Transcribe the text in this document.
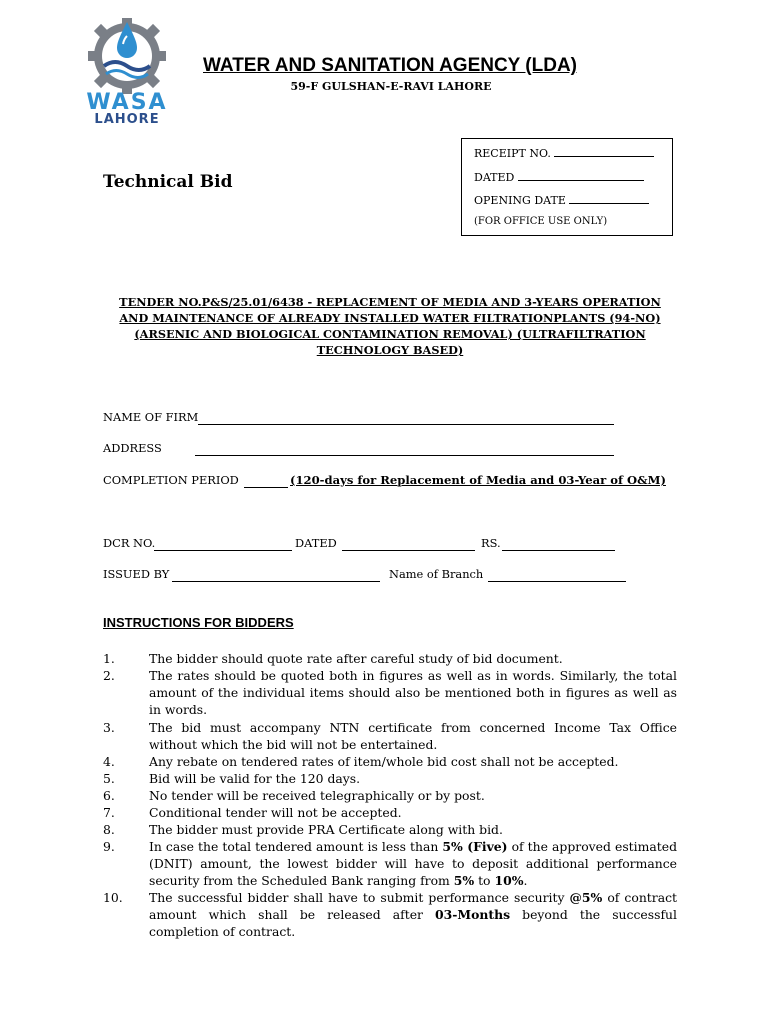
WASA
LAHORE
WATER AND SANITATION AGENCY (LDA)
59-F GULSHAN-E-RAVI LAHORE
Technical Bid
RECEIPT NO.
DATED
OPENING DATE
(FOR OFFICE USE ONLY)
TENDER NO.P&S/25.01/6438 - REPLACEMENT OF MEDIA AND 3-YEARS OPERATION
AND MAINTENANCE OF ALREADY INSTALLED WATER FILTRATIONPLANTS (94-NO)
(ARSENIC AND BIOLOGICAL CONTAMINATION REMOVAL) (ULTRAFILTRATION
TECHNOLOGY BASED)
NAME OF FIRM
ADDRESS
COMPLETION PERIOD	(120-days for Replacement of Media and 03-Year of O&M)
DCR NO.	DATED	RS.
ISSUED BY	Name of Branch
INSTRUCTIONS FOR BIDDERS
1.	The bidder should quote rate after careful study of bid document.
2.	The rates should be quoted both in figures as well as in words. Similarly, the total amount of the individual items should also be mentioned both in figures as well as in words.
3.	The bid must accompany NTN certificate from concerned Income Tax Office without which the bid will not be entertained.
4.	Any rebate on tendered rates of item/whole bid cost shall not be accepted.
5.	Bid will be valid for the 120 days.
6.	No tender will be received telegraphically or by post.
7.	Conditional tender will not be accepted.
8.	The bidder must provide PRA Certificate along with bid.
9.	In case the total tendered amount is less than 5% (Five) of the approved estimated (DNIT) amount, the lowest bidder will have to deposit additional performance security from the Scheduled Bank ranging from 5% to 10%.
10. The successful bidder shall have to submit performance security @5% of contract amount which shall be released after 03-Months beyond the successful completion of contract.
